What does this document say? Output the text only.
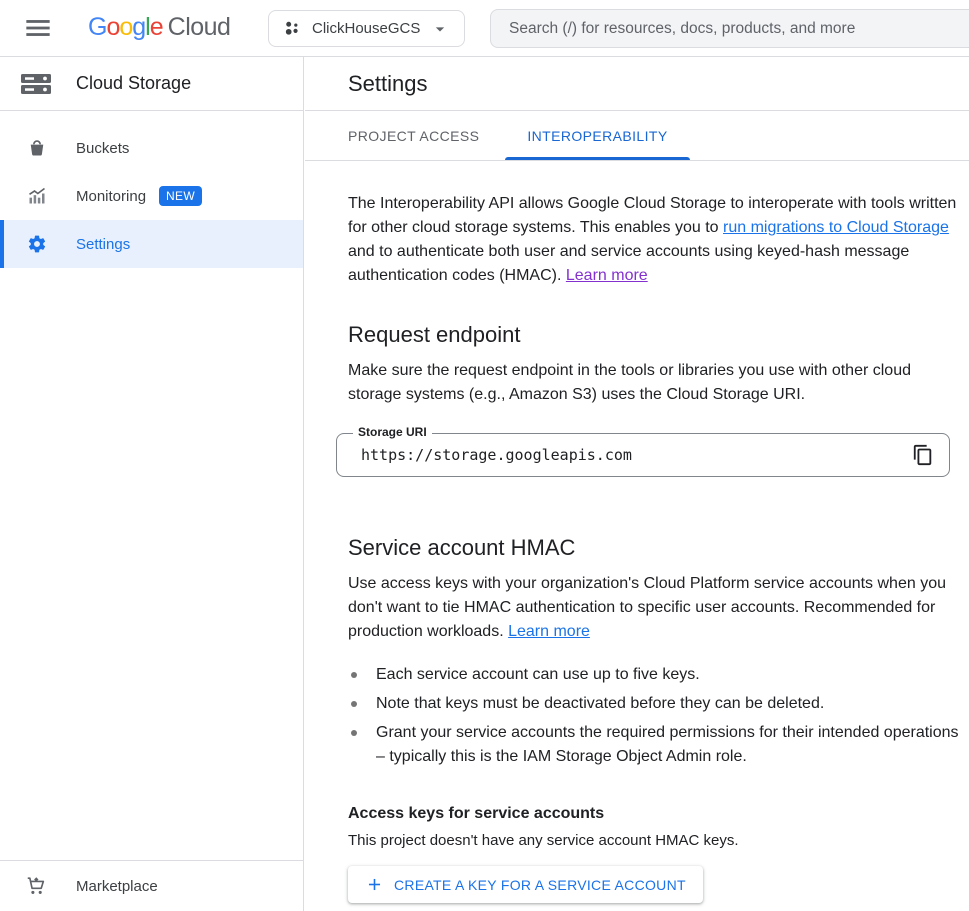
Google Cloud	ClickHouseGCS
Search (/) for resources, docs, products, and more
Cloud Storage
Buckets
Monitoring	NEW
Settings
Marketplace
Settings
PROJECT ACCESS	INTEROPERABILITY

The Interoperability API allows Google Cloud Storage to interoperate with tools written for other cloud storage systems. This enables you to run migrations to Cloud Storage and to authenticate both user and service accounts using keyed-hash message authentication codes (HMAC). Learn more

Request endpoint

Make sure the request endpoint in the tools or libraries you use with other cloud storage systems (e.g., Amazon S3) uses the Cloud Storage URI.

Storage URI
https://storage.googleapis.com
Service account HMAC

Use access keys with your organization's Cloud Platform service accounts when you don't want to tie HMAC authentication to specific user accounts. Recommended for production workloads. Learn more

Each service account can use up to five keys.
Note that keys must be deactivated before they can be deleted.
Grant your service accounts the required permissions for their intended operations – typically this is the IAM Storage Object Admin role.
Access keys for service accounts

This project doesn't have any service account HMAC keys.

CREATE A KEY FOR A SERVICE ACCOUNT
